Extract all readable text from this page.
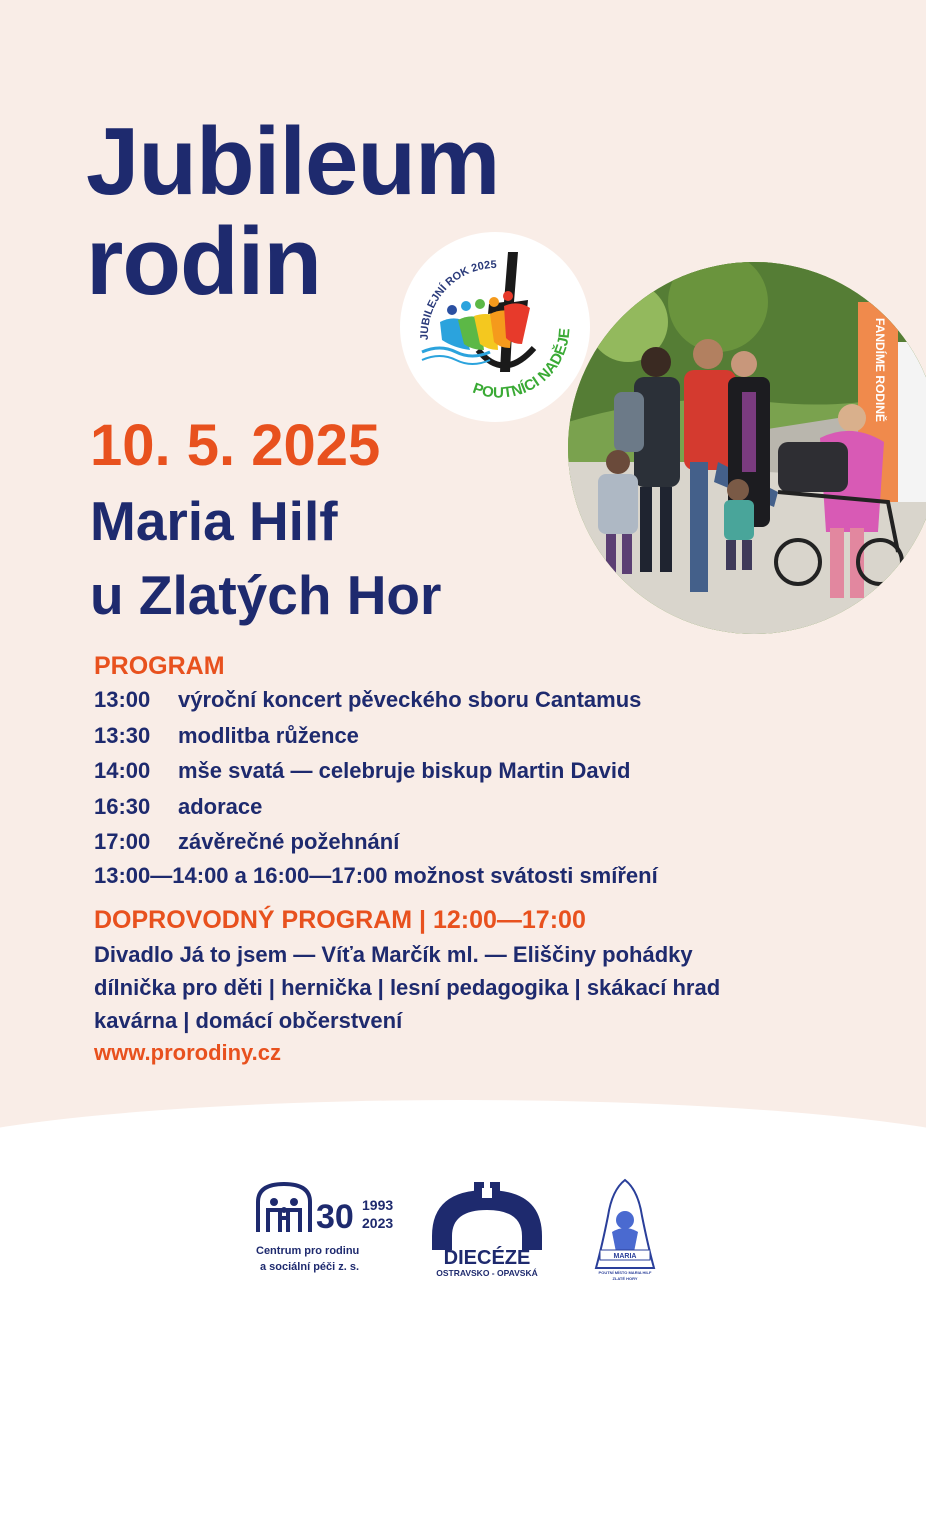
Jubileum
rodin
JUBILEJNÍ ROK 2025
POUTNÍCI NADĚJE	FANDÍME RODINĚ
10. 5. 2025
Maria Hilf
u Zlatých Hor
PROGRAM
13:00	výroční koncert pěveckého sboru Cantamus
13:30	modlitba růžence
14:00	mše svatá — celebruje biskup Martin David
16:30	adorace
17:00	závěrečné požehnání
13:00—14:00 a 16:00—17:00 možnost svátosti smíření
DOPROVODNÝ PROGRAM | 12:00—17:00
Divadlo Já to jsem — Víťa Marčík ml. — Eliščiny pohádky
dílnička pro děti | hernička | lesní pedagogika | skákací hrad
kavárna | domácí občerstvení
www.prorodiny.cz
30 1993
2023
Centrum pro rodinu
a sociální péči z. s.	DIECÉZE
OSTRAVSKO - OPAVSKÁ
MARIA
POUTNÍ MÍSTO MARIA HILF
ZLATÉ HORY
